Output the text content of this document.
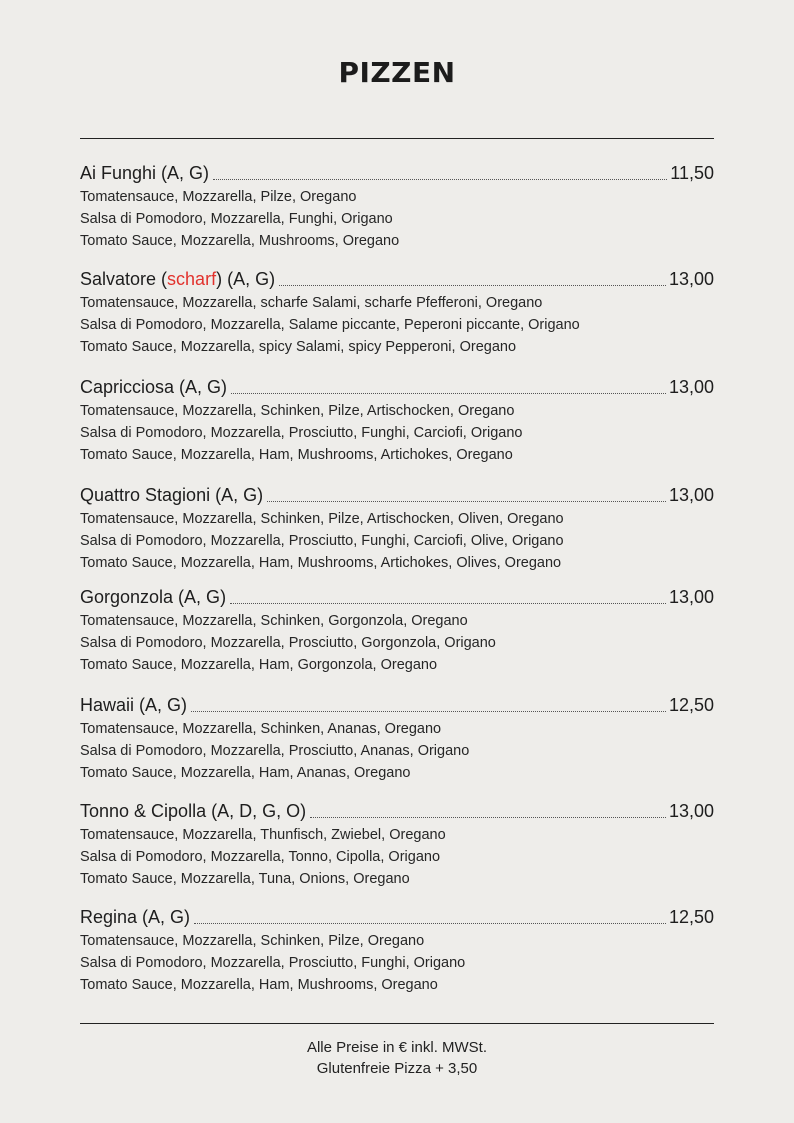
PIZZEN
Ai Funghi (A, G)	11,50
Tomatensauce, Mozzarella, Pilze, Oregano
Salsa di Pomodoro, Mozzarella, Funghi, Origano
Tomato Sauce, Mozzarella, Mushrooms, Oregano
Salvatore (scharf) (A, G)	13,00
Tomatensauce, Mozzarella, scharfe Salami, scharfe Pfefferoni, Oregano
Salsa di Pomodoro, Mozzarella, Salame piccante, Peperoni piccante, Origano
Tomato Sauce, Mozzarella, spicy Salami, spicy Pepperoni, Oregano
Capricciosa (A, G)	13,00
Tomatensauce, Mozzarella, Schinken, Pilze, Artischocken, Oregano
Salsa di Pomodoro, Mozzarella, Prosciutto, Funghi, Carciofi, Origano
Tomato Sauce, Mozzarella, Ham, Mushrooms, Artichokes, Oregano
Quattro Stagioni (A, G)	13,00
Tomatensauce, Mozzarella, Schinken, Pilze, Artischocken, Oliven, Oregano
Salsa di Pomodoro, Mozzarella, Prosciutto, Funghi, Carciofi, Olive, Origano
Tomato Sauce, Mozzarella, Ham, Mushrooms, Artichokes, Olives, Oregano
Gorgonzola (A, G)	13,00
Tomatensauce, Mozzarella, Schinken, Gorgonzola, Oregano
Salsa di Pomodoro, Mozzarella, Prosciutto, Gorgonzola, Origano
Tomato Sauce, Mozzarella, Ham, Gorgonzola, Oregano
Hawaii (A, G)	12,50
Tomatensauce, Mozzarella, Schinken, Ananas, Oregano
Salsa di Pomodoro, Mozzarella, Prosciutto, Ananas, Origano
Tomato Sauce, Mozzarella, Ham, Ananas, Oregano
Tonno & Cipolla (A, D, G, O)	13,00
Tomatensauce, Mozzarella, Thunfisch, Zwiebel, Oregano
Salsa di Pomodoro, Mozzarella, Tonno, Cipolla, Origano
Tomato Sauce, Mozzarella, Tuna, Onions, Oregano
Regina (A, G)	12,50
Tomatensauce, Mozzarella, Schinken, Pilze, Oregano
Salsa di Pomodoro, Mozzarella, Prosciutto, Funghi, Origano
Tomato Sauce, Mozzarella, Ham, Mushrooms, Oregano
Alle Preise in € inkl. MWSt.
Glutenfreie Pizza + 3,50
